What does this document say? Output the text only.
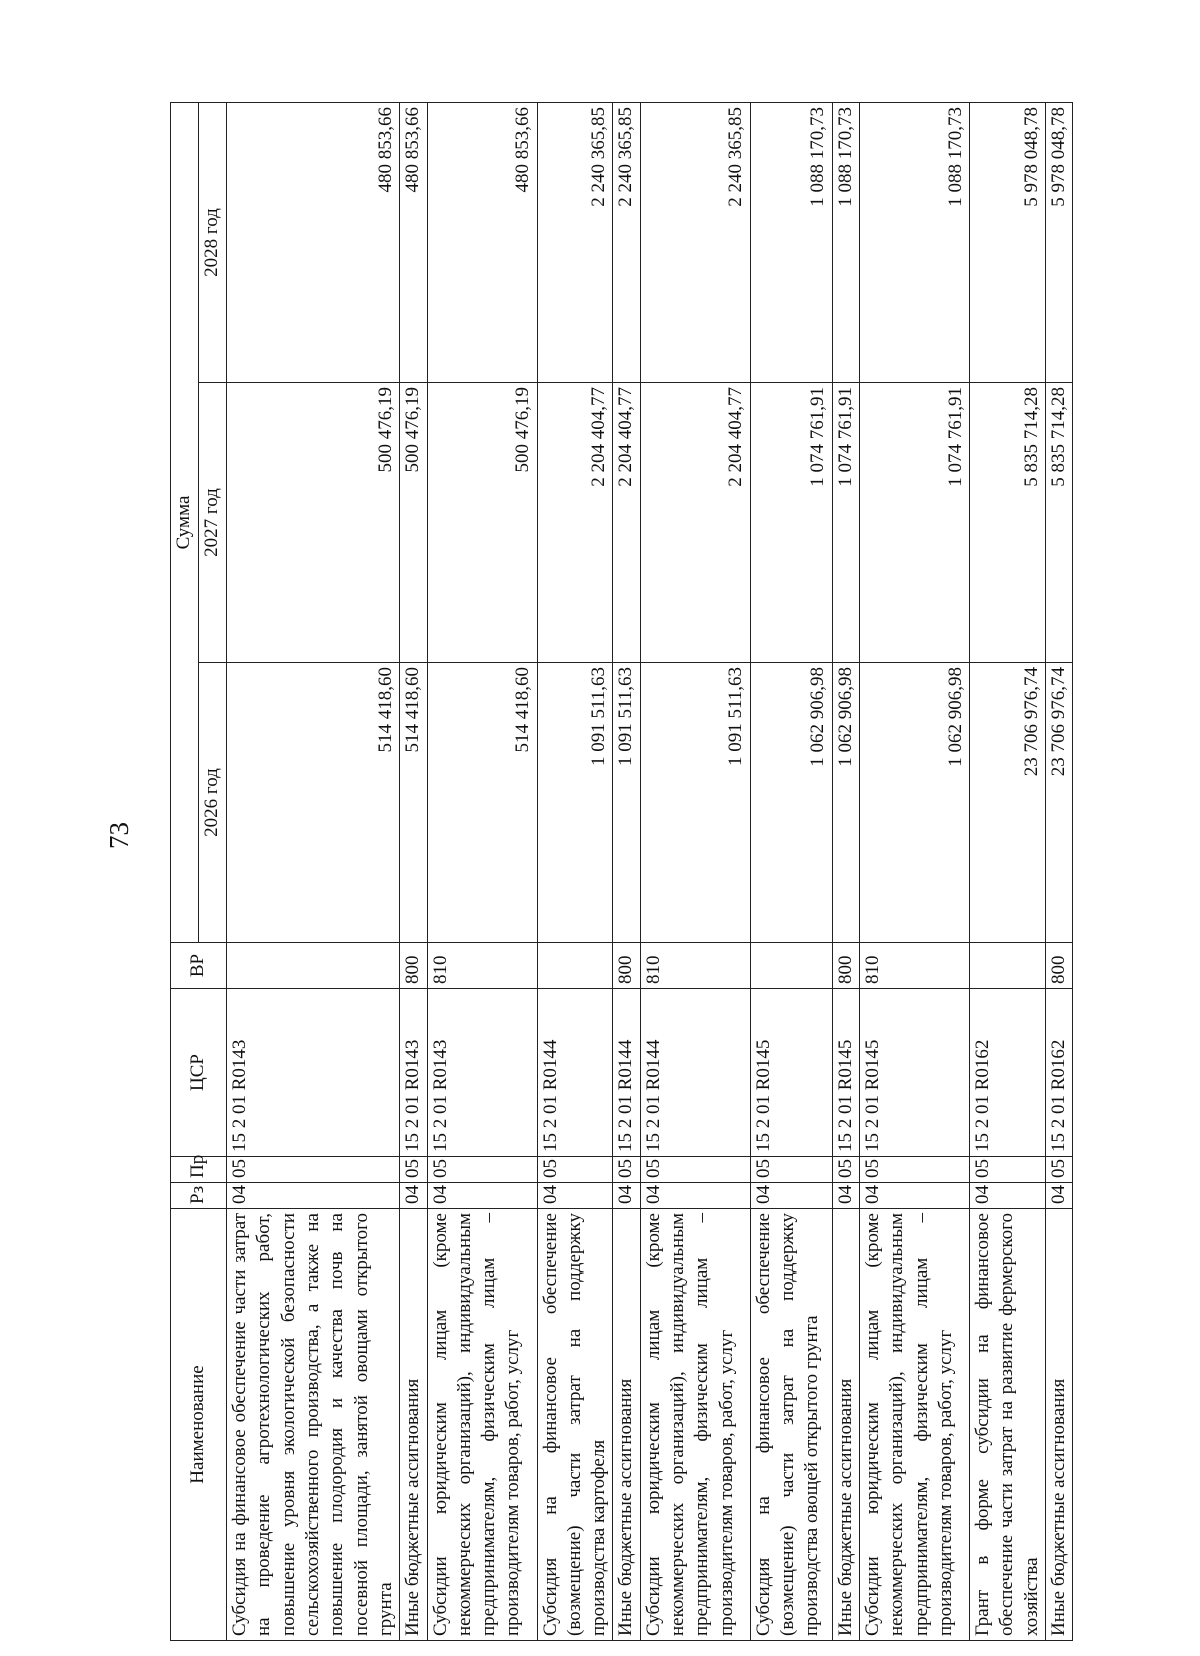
73
Наименование	Рз	Пр	ЦСР	ВР	Сумма		
					2026 год	2027 год	2028 год
Субсидия на финансовое обеспечение части затрат на проведение агротехнологических работ, повышение уровня экологической безопасности сельскохозяйственного производства, а также на повышение плодородия и качества почв на посевной площади, занятой овощами открытого грунта	04	05	15 2 01 R0143		514 418,60	500 476,19	480 853,66
Иные бюджетные ассигнования	04	05	15 2 01 R0143	800	514 418,60	500 476,19	480 853,66
Субсидии юридическим лицам (кроме некоммерческих организаций), индивидуальным предпринимателям, физическим лицам – производителям товаров, работ, услуг	04	05	15 2 01 R0143	810	514 418,60	500 476,19	480 853,66
Субсидия на финансовое обеспечение (возмещение) части затрат на поддержку производства картофеля	04	05	15 2 01 R0144		1 091 511,63	2 204 404,77	2 240 365,85
Иные бюджетные ассигнования	04	05	15 2 01 R0144	800	1 091 511,63	2 204 404,77	2 240 365,85
Субсидии юридическим лицам (кроме некоммерческих организаций), индивидуальным предпринимателям, физическим лицам – производителям товаров, работ, услуг	04	05	15 2 01 R0144	810	1 091 511,63	2 204 404,77	2 240 365,85
Субсидия на финансовое обеспечение (возмещение) части затрат на поддержку производства овощей открытого грунта	04	05	15 2 01 R0145		1 062 906,98	1 074 761,91	1 088 170,73
Иные бюджетные ассигнования	04	05	15 2 01 R0145	800	1 062 906,98	1 074 761,91	1 088 170,73
Субсидии юридическим лицам (кроме некоммерческих организаций), индивидуальным предпринимателям, физическим лицам – производителям товаров, работ, услуг	04	05	15 2 01 R0145	810	1 062 906,98	1 074 761,91	1 088 170,73
Грант в форме субсидии на финансовое обеспечение части затрат на развитие фермерского хозяйства	04	05	15 2 01 R0162		23 706 976,74	5 835 714,28	5 978 048,78
Иные бюджетные ассигнования	04	05	15 2 01 R0162	800	23 706 976,74	5 835 714,28	5 978 048,78
